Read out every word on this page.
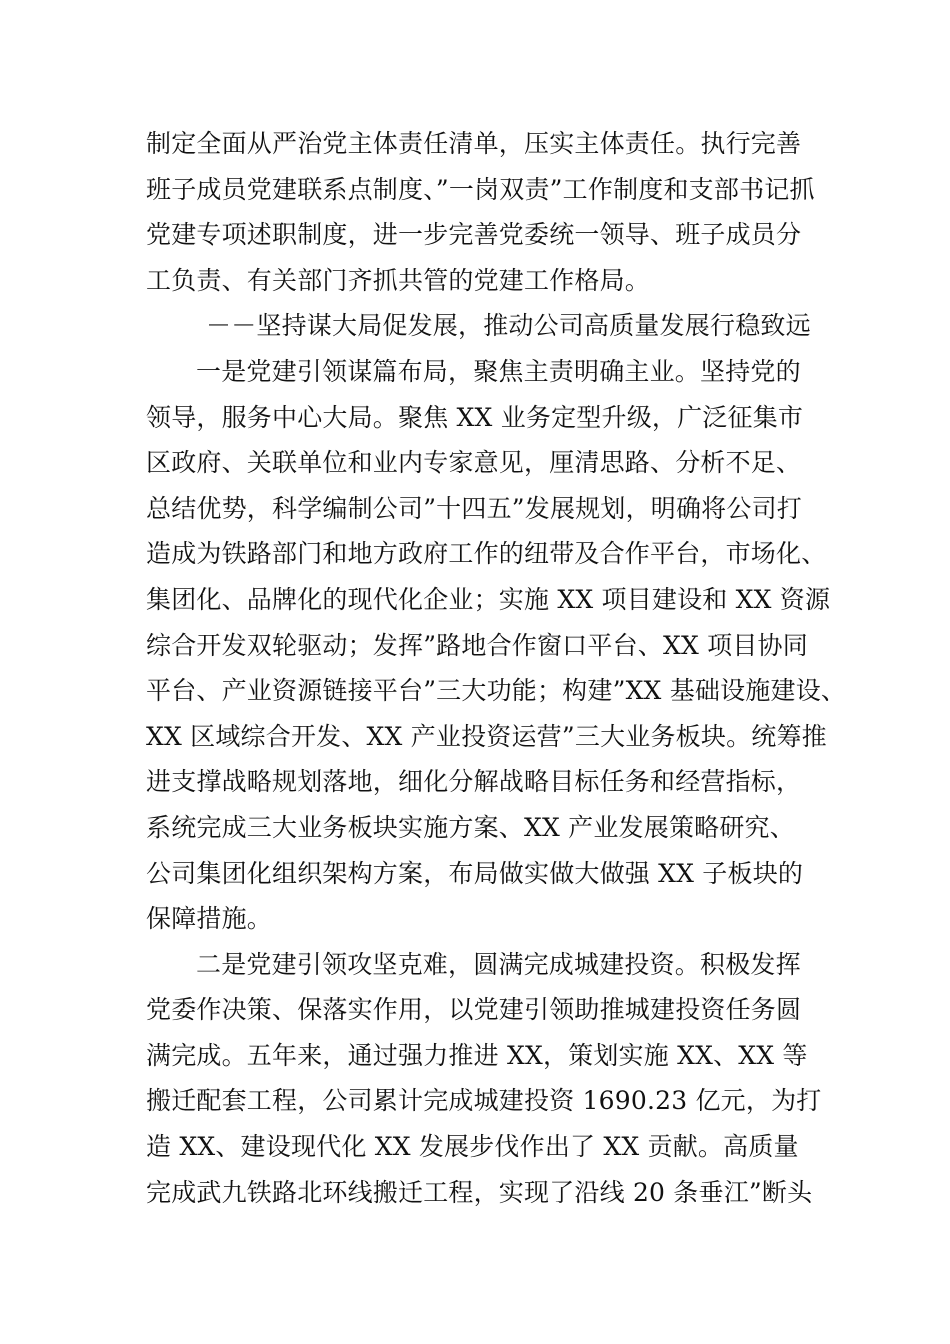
制定全面从严治党主体责任清单，压实主体责任。执行完善
班子成员党建联系点制度、”一岗双责”工作制度和支部书记抓
党建专项述职制度，进一步完善党委统一领导、班子成员分
工负责、有关部门齐抓共管的党建工作格局。
－－坚持谋大局促发展，推动公司高质量发展行稳致远
一是党建引领谋篇布局，聚焦主责明确主业。坚持党的
领导，服务中心大局。聚焦 XX 业务定型升级，广泛征集市
区政府、关联单位和业内专家意见，厘清思路、分析不足、
总结优势，科学编制公司”十四五”发展规划，明确将公司打
造成为铁路部门和地方政府工作的纽带及合作平台，市场化、
集团化、品牌化的现代化企业；实施 XX 项目建设和 XX 资源
综合开发双轮驱动；发挥”路地合作窗口平台、XX 项目协同
平台、产业资源链接平台”三大功能；构建”XX 基础设施建设、
XX 区域综合开发、XX 产业投资运营”三大业务板块。统筹推
进支撑战略规划落地，细化分解战略目标任务和经营指标，
系统完成三大业务板块实施方案、XX 产业发展策略研究、
公司集团化组织架构方案，布局做实做大做强 XX 子板块的
保障措施。
二是党建引领攻坚克难，圆满完成城建投资。积极发挥
党委作决策、保落实作用，以党建引领助推城建投资任务圆
满完成。五年来，通过强力推进 XX，策划实施 XX、XX 等
搬迁配套工程，公司累计完成城建投资 1690.23 亿元，为打
造 XX、建设现代化 XX 发展步伐作出了 XX 贡献。高质量
完成武九铁路北环线搬迁工程，实现了沿线 20 条垂江”断头
